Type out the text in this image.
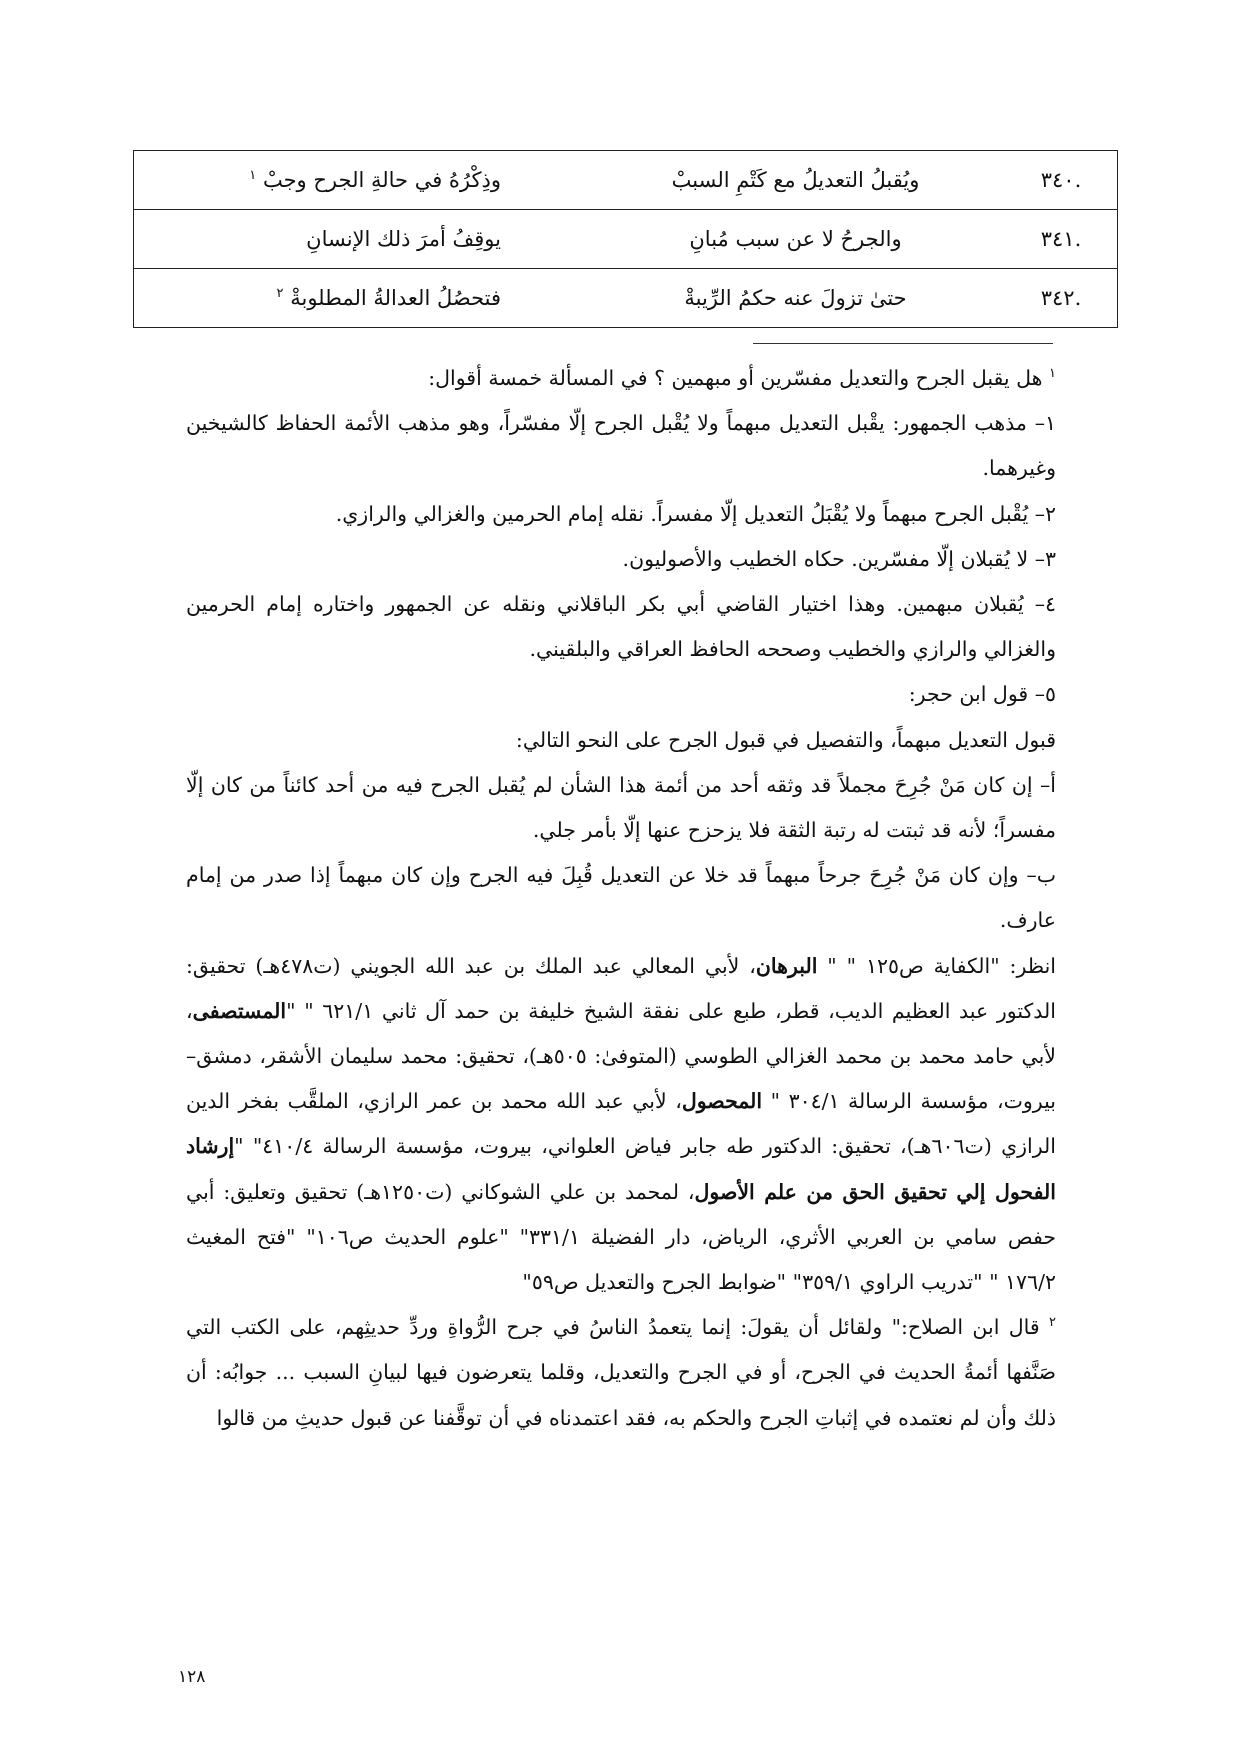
.٣٤٠	ويُقبلُ التعديلُ مع كَتْمِ السببْ	وذِكْرُهُ في حالةِ الجرح وجبْ $^١$
.٣٤١	والجرحُ لا عن سبب مُبانِ	يوقِفُ أمرَ ذلك الإنسانِ
.٣٤٢	حتىٰ تزولَ عنه حكمُ الرِّيبةْ	فتحصُلُ العدالةُ المطلوبةْ $^٢$

$^١$ هل يقبل الجرح والتعديل مفسّرين أو مبهمين ؟ في المسألة خمسة أقوال:

١– مذهب الجمهور: يقْبل التعديل مبهماً ولا يُقْبل الجرح إلّا مفسّراً، وهو مذهب الأئمة الحفاظ كالشيخين وغيرهما.

٢– يُقْبل الجرح مبهماً ولا يُقْبَلُ التعديل إلّا مفسراً. نقله إمام الحرمين والغزالي والرازي.

٣– لا يُقبلان إلّا مفسّرين. حكاه الخطيب والأصوليون.

٤– يُقبلان مبهمين. وهذا اختيار القاضي أبي بكر الباقلاني ونقله عن الجمهور واختاره إمام الحرمين والغزالي والرازي والخطيب وصححه الحافظ العراقي والبلقيني.

٥– قول ابن حجر:

قبول التعديل مبهماً، والتفصيل في قبول الجرح على النحو التالي:

أ– إن كان مَنْ جُرِحَ مجملاً قد وثقه أحد من أئمة هذا الشأن لم يُقبل الجرح فيه من أحد كائناً من كان إلّا مفسراً؛ لأنه قد ثبتت له رتبة الثقة فلا يزحزح عنها إلّا بأمر جلي.

ب– وإن كان مَنْ جُرِحَ جرحاً مبهماً قد خلا عن التعديل قُبِلَ فيه الجرح وإن كان مبهماً إذا صدر من إمام عارف.

انظر: "الكفاية ص١٢٥ " " البرهان، لأبي المعالي عبد الملك بن عبد الله الجويني (ت٤٧٨هـ) تحقيق: الدكتور عبد العظيم الديب، قطر، طبع على نفقة الشيخ خليفة بن حمد آل ثاني ٦٢١/١ " "المستصفى، لأبي حامد محمد بن محمد الغزالي الطوسي (المتوفىٰ: ٥٠٥هـ)، تحقيق: محمد سليمان الأشقر، دمشق–بيروت، مؤسسة الرسالة ٣٠٤/١ " المحصول، لأبي عبد الله محمد بن عمر الرازي، الملقَّب بفخر الدين الرازي (ت٦٠٦هـ)، تحقيق: الدكتور طه جابر فياض العلواني، بيروت، مؤسسة الرسالة ٤١٠/٤" "إرشاد الفحول إلي تحقيق الحق من علم الأصول، لمحمد بن علي الشوكاني (ت١٢٥٠هـ) تحقيق وتعليق: أبي حفص سامي بن العربي الأثري، الرياض، دار الفضيلة ٣٣١/١" "علوم الحديث ص١٠٦" "فتح المغيث ١٧٦/٢ " "تدريب الراوي ٣٥٩/١" "ضوابط الجرح والتعديل ص٥٩"

$^٢$ قال ابن الصلاح:" ولقائل أن يقولَ: إنما يتعمدُ الناسُ في جرح الرُّواةِ وردِّ حديثِهم، على الكتب التي صَنَّفها أئمةُ الحديث في الجرح، أو في الجرح والتعديل، وقلما يتعرضون فيها لبيانِ السبب ... جوابُه: أن ذلك وأن لم نعتمده في إثباتِ الجرح والحكم به، فقد اعتمدناه في أن توقَّفنا عن قبول حديثِ من قالوا

١٢٨
